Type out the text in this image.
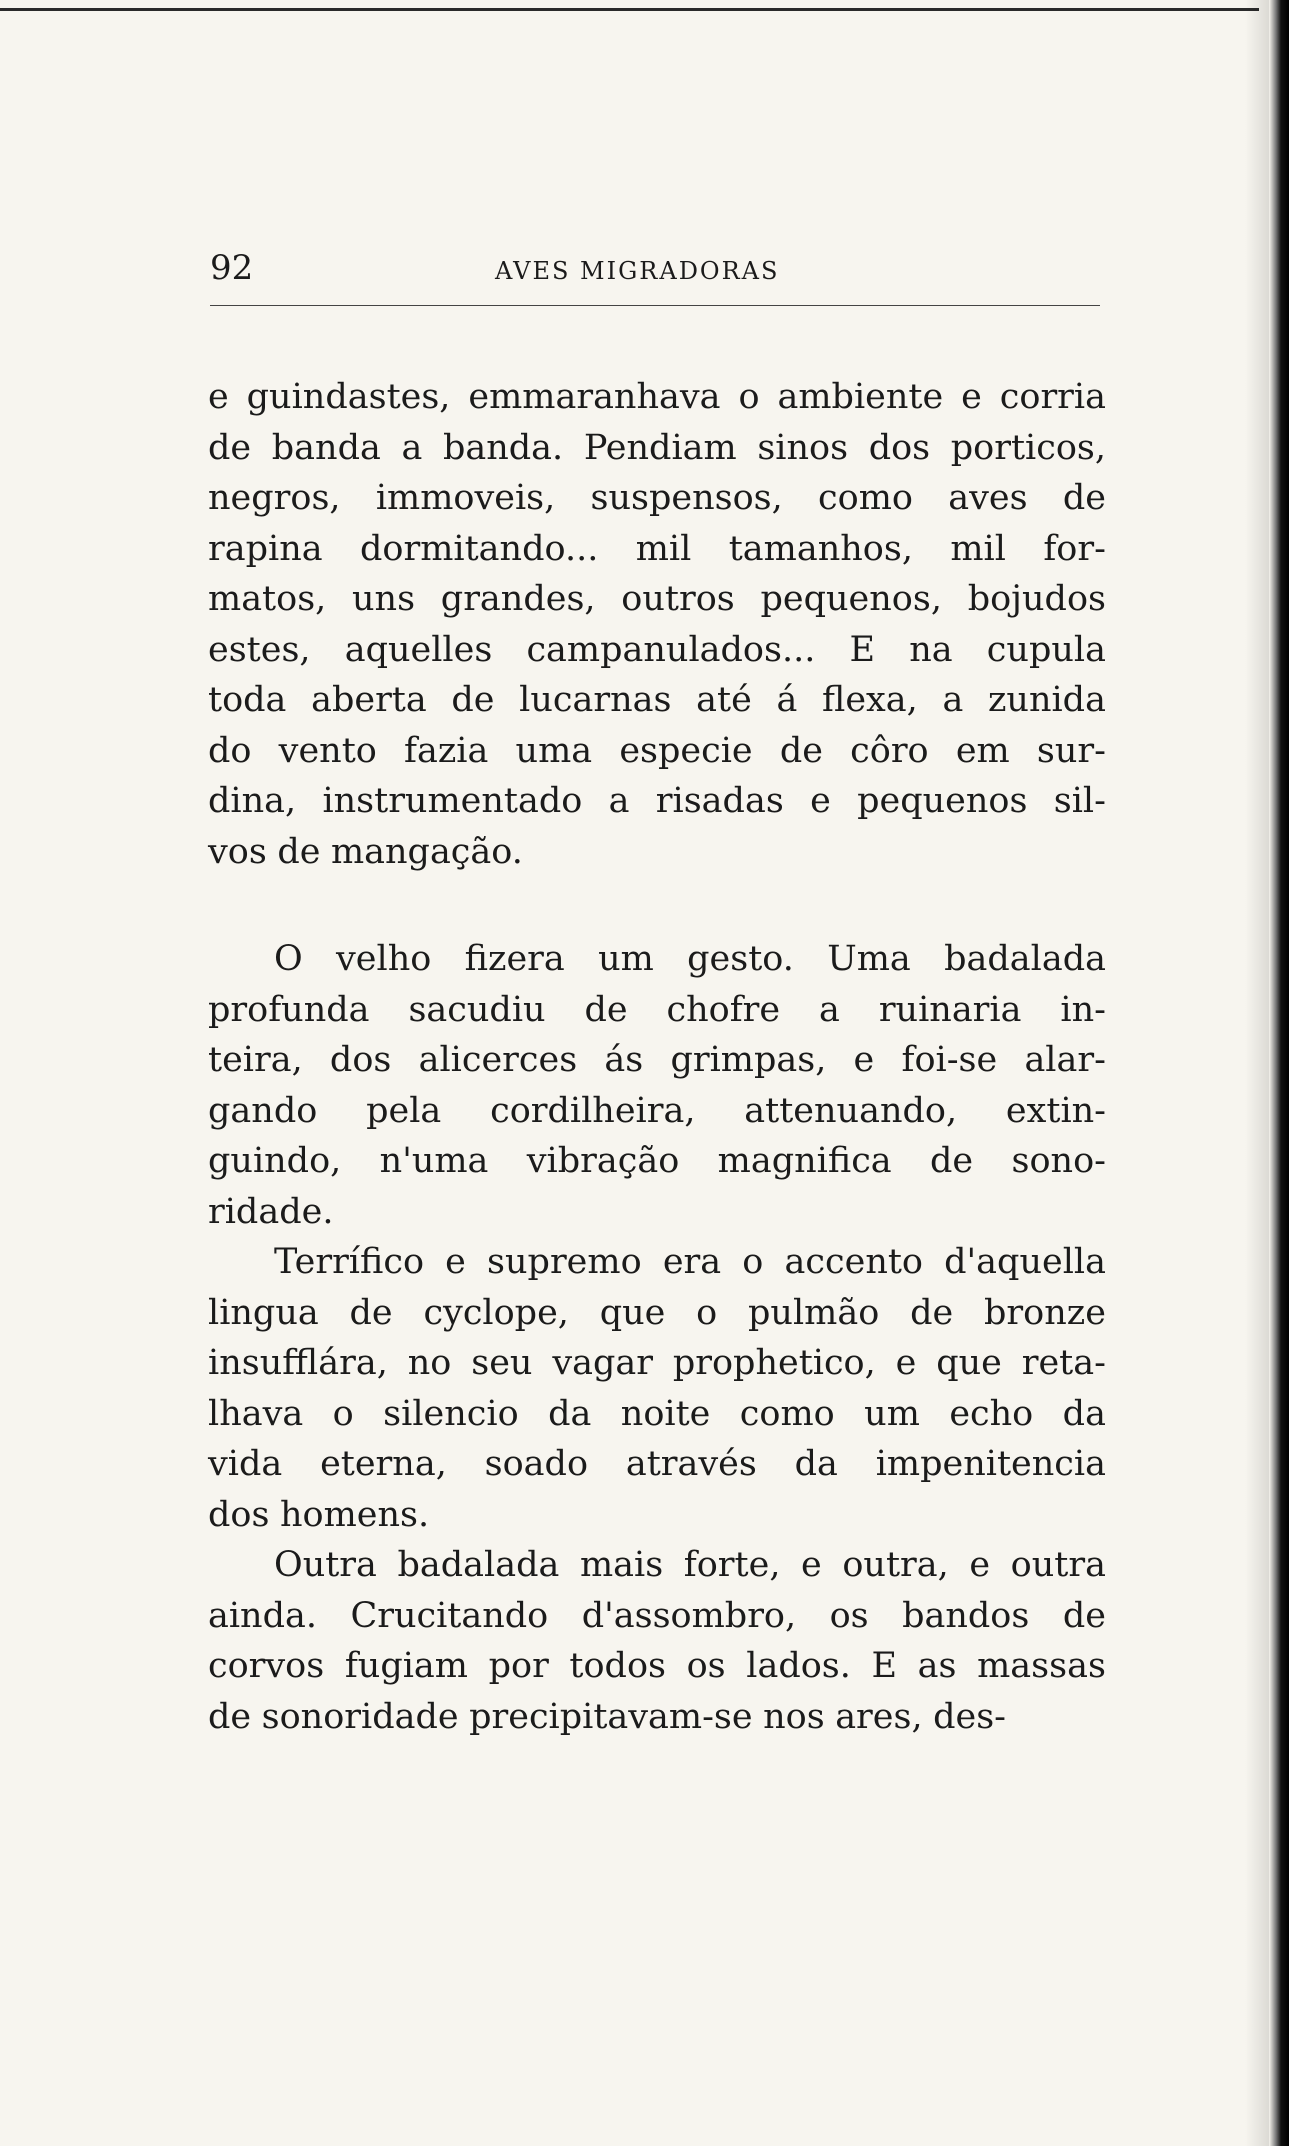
92	AVES MIGRADORAS
e guindastes, emmaranhava o ambiente e corria
de banda a banda. Pendiam sinos dos porticos,
negros, immoveis, suspensos, como aves de
rapina dormitando... mil tamanhos, mil for-
matos, uns grandes, outros pequenos, bojudos
estes, aquelles campanulados... E na cupula
toda aberta de lucarnas até á flexa, a zunida
do vento fazia uma especie de côro em sur-
dina, instrumentado a risadas e pequenos sil-
vos de mangação.
O velho fizera um gesto. Uma badalada
profunda sacudiu de chofre a ruinaria in-
teira, dos alicerces ás grimpas, e foi-se alar-
gando pela cordilheira, attenuando, extin-
guindo, n'uma vibração magnifica de sono-
ridade.
Terrífico e supremo era o accento d'aquella
lingua de cyclope, que o pulmão de bronze
insufflára, no seu vagar prophetico, e que reta-
lhava o silencio da noite como um echo da
vida eterna, soado através da impenitencia
dos homens.
Outra badalada mais forte, e outra, e outra
ainda. Crucitando d'assombro, os bandos de
corvos fugiam por todos os lados. E as massas
de sonoridade precipitavam-se nos ares, des-
